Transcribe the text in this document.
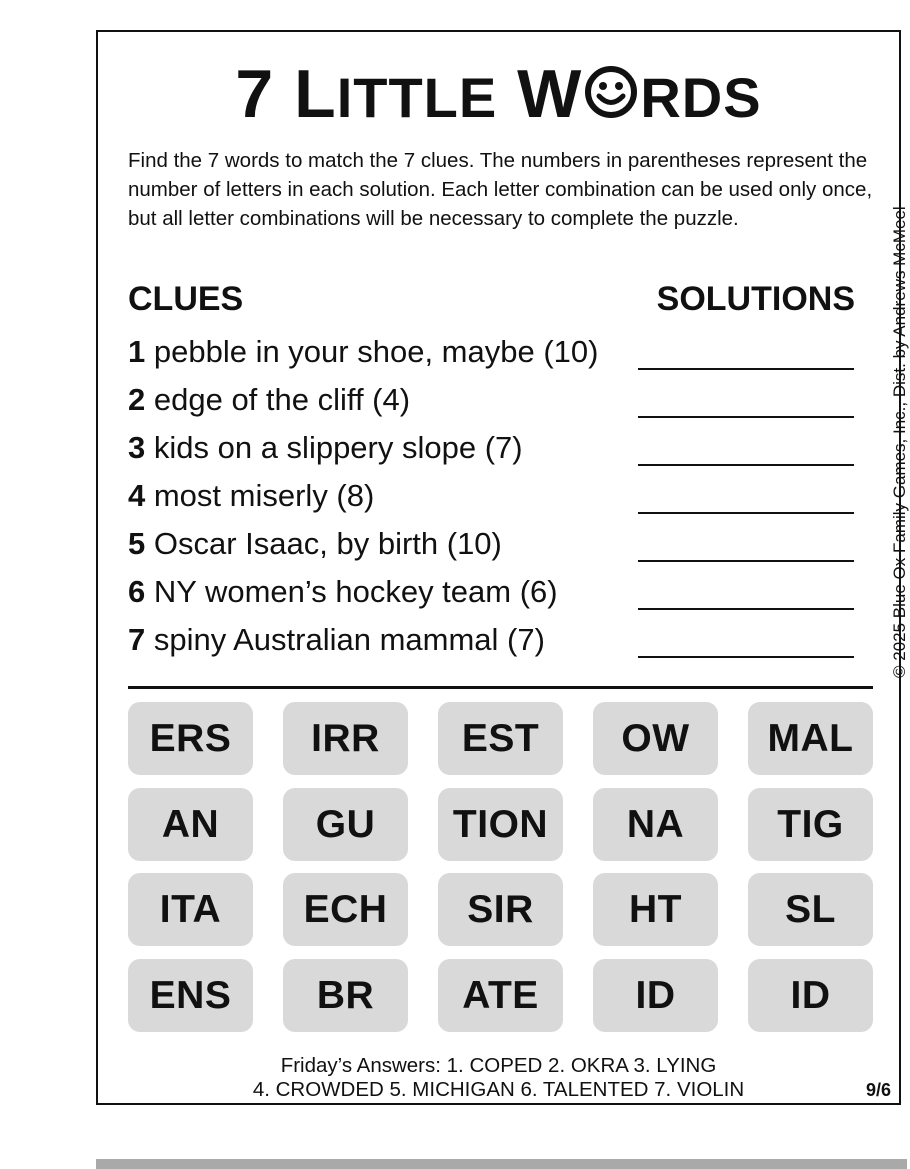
7 LITTLE W RDS
Find the 7 words to match the 7 clues. The numbers in parentheses represent the number of letters in each solution. Each letter combination can be used only once, but all letter combinations will be necessary to complete the puzzle.
CLUES	SOLUTIONS
1 pebble in your shoe, maybe (10)
2 edge of the cliff (4)
3 kids on a slippery slope (7)
4 most miserly (8)
5 Oscar Isaac, by birth (10)
6 NY women’s hockey team (6)
7 spiny Australian mammal (7)
ERS	IRR	EST	OW	MAL
AN	GU	TION	NA	TIG
ITA	ECH	SIR	HT	SL
ENS	BR	ATE	ID	ID
Friday’s Answers: 1. COPED 2. OKRA 3. LYING
4. CROWDED 5. MICHIGAN 6. TALENTED 7. VIOLIN	9/6
© 2025 Blue Ox Family Games, Inc., Dist. by Andrews McMeel
